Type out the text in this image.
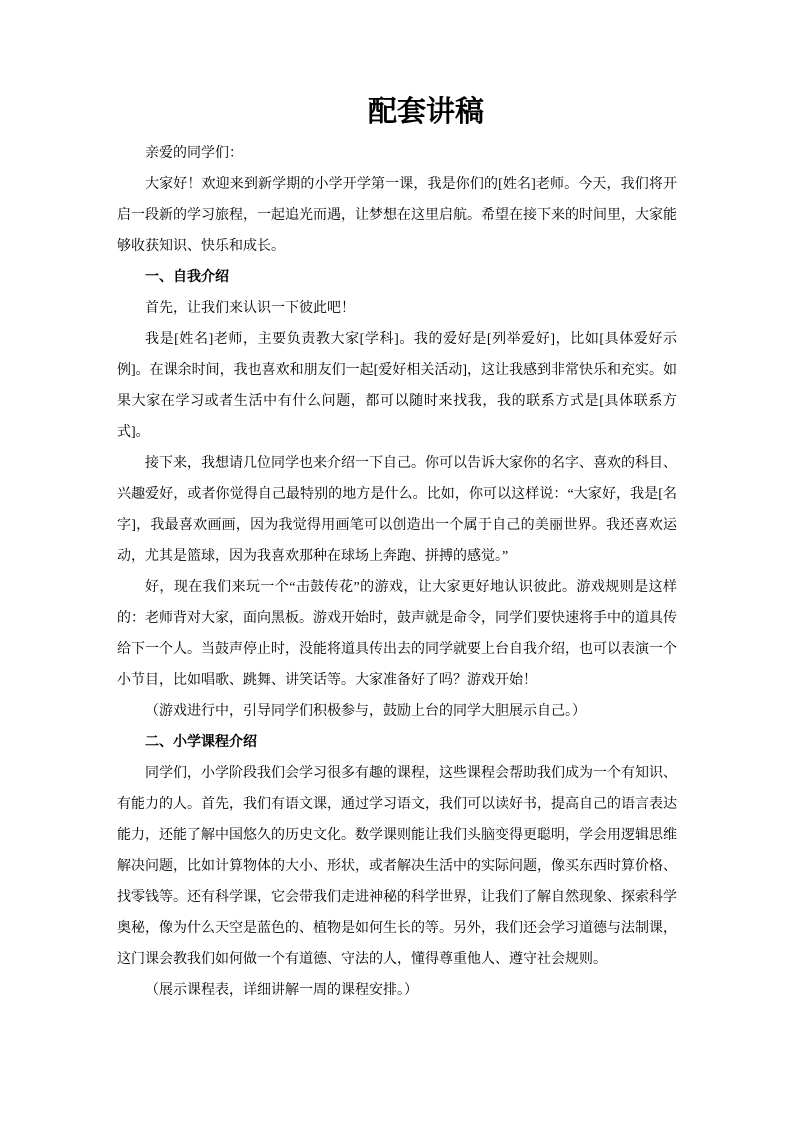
配套讲稿

亲爱的同学们：

大家好！欢迎来到新学期的小学开学第一课，我是你们的[姓名]老师。今天，我们将开启一段新的学习旅程，一起追光而遇，让梦想在这里启航。希望在接下来的时间里，大家能够收获知识、快乐和成长。

一、自我介绍

首先，让我们来认识一下彼此吧！

我是[姓名]老师，主要负责教大家[学科]。我的爱好是[列举爱好]，比如[具体爱好示例]。在课余时间，我也喜欢和朋友们一起[爱好相关活动]，这让我感到非常快乐和充实。如果大家在学习或者生活中有什么问题，都可以随时来找我，我的联系方式是[具体联系方式]。

接下来，我想请几位同学也来介绍一下自己。你可以告诉大家你的名字、喜欢的科目、兴趣爱好，或者你觉得自己最特别的地方是什么。比如，你可以这样说：“大家好，我是[名字]，我最喜欢画画，因为我觉得用画笔可以创造出一个属于自己的美丽世界。我还喜欢运动，尤其是篮球，因为我喜欢那种在球场上奔跑、拼搏的感觉。”

好，现在我们来玩一个“击鼓传花”的游戏，让大家更好地认识彼此。游戏规则是这样的：老师背对大家，面向黑板。游戏开始时，鼓声就是命令，同学们要快速将手中的道具传给下一个人。当鼓声停止时，没能将道具传出去的同学就要上台自我介绍，也可以表演一个小节目，比如唱歌、跳舞、讲笑话等。大家准备好了吗？游戏开始！

（游戏进行中，引导同学们积极参与，鼓励上台的同学大胆展示自己。）

二、小学课程介绍

同学们，小学阶段我们会学习很多有趣的课程，这些课程会帮助我们成为一个有知识、有能力的人。首先，我们有语文课，通过学习语文，我们可以读好书，提高自己的语言表达能力，还能了解中国悠久的历史文化。数学课则能让我们头脑变得更聪明，学会用逻辑思维解决问题，比如计算物体的大小、形状，或者解决生活中的实际问题，像买东西时算价格、找零钱等。还有科学课，它会带我们走进神秘的科学世界，让我们了解自然现象、探索科学奥秘，像为什么天空是蓝色的、植物是如何生长的等。另外，我们还会学习道德与法制课，这门课会教我们如何做一个有道德、守法的人，懂得尊重他人、遵守社会规则。

（展示课程表，详细讲解一周的课程安排。）
